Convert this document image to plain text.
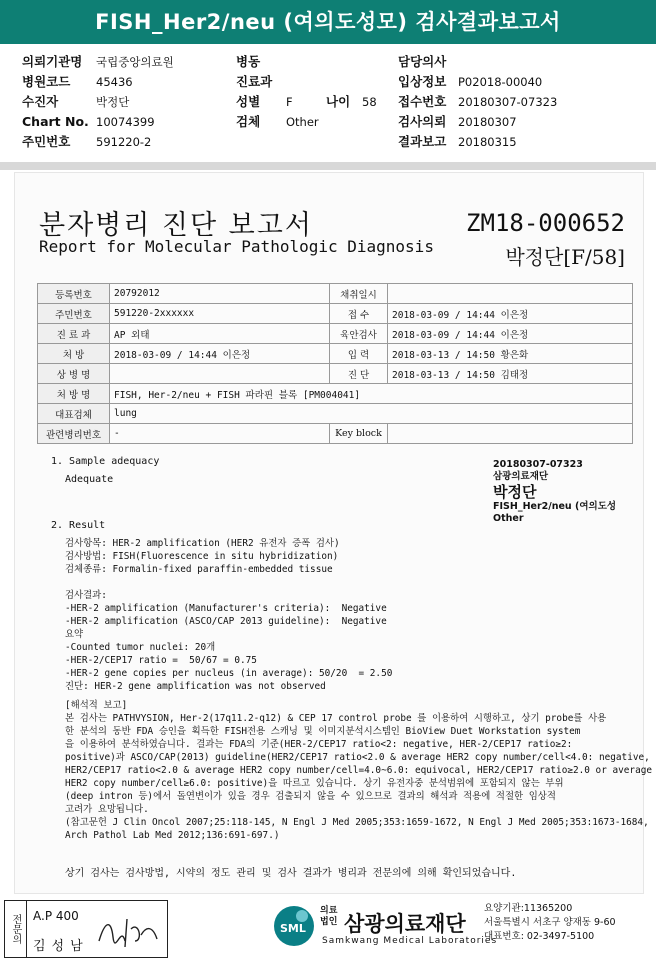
FISH_Her2/neu (여의도성모) 검사결과보고서
의뢰기관명 국립중앙의료원	병동	담당의사
병원코드 45436	진료과	입상정보 P02018-00040
수진자	박정단	성별 F	나이 58 접수번호 20180307-07323
Chart No. 10074399	검체 Other	검사의뢰 20180307
주민번호 591220-2	결과보고 20180315
분자병리 진단 보고서
Report for Molecular Pathologic Diagnosis
ZM18-000652
박정단[F/58]
등록번호	20792012	채취일시	
주민번호	591220-2xxxxxx	접 수	2018-03-09 / 14:44 이은정
진 료 과	AP 외태	육안검사	2018-03-09 / 14:44 이은정
처 방	2018-03-09 / 14:44 이은정	입 력	2018-03-13 / 14:50 황은화
상 병 명		진 단	2018-03-13 / 14:50 김태정
처 방 명	FISH, Her-2/neu + FISH 파라핀 블록 [PM004041]		
대표검체	lung		
관련병리번호	-	Key block	
1. Sample adequacy
Adequate
20180307-07323
삼광의료재단
박정단
FISH_Her2/neu (여의도성
Other
2. Result
검사항목: HER-2 amplification (HER2 유전자 증폭 검사)
검사방법: FISH(Fluorescence in situ hybridization)
검체종류: Formalin-fixed paraffin-embedded tissue
검사결과:
-HER-2 amplification (Manufacturer's criteria):  Negative
-HER-2 amplification (ASCO/CAP 2013 guideline):  Negative
요약
-Counted tumor nuclei: 20개
-HER-2/CEP17 ratio =  50/67 = 0.75
-HER-2 gene copies per nucleus (in average): 50/20  = 2.50
진단: HER-2 gene amplification was not observed
[해석적 보고]
본 검사는 PATHVYSION, Her-2(17q11.2-q12) & CEP 17 control probe 를 이용하여 시행하고, 상기 probe를 사용
한 분석의 동반 FDA 승인을 획득한 FISH전용 스캐닝 및 이미지분석시스템인 BioView Duet Workstation system
을 이용하여 분석하였습니다. 결과는 FDA의 기준(HER-2/CEP17 ratio<2: negative, HER-2/CEP17 ratio≥2:
positive)과 ASCO/CAP(2013) guideline(HER2/CEP17 ratio<2.0 & average HER2 copy number/cell<4.0: negative,
HER2/CEP17 ratio<2.0 & average HER2 copy number/cell=4.0~6.0: equivocal, HER2/CEP17 ratio≥2.0 or average
HER2 copy number/cell≥6.0: positive)을 따르고 있습니다. 상기 유전자중 분석범위에 포함되지 않는 부위
(deep intron 등)에서 돌연변이가 있을 경우 검출되지 않을 수 있으므로 결과의 해석과 적용에 적절한 임상적
고려가 요망됩니다.
(참고문헌 J Clin Oncol 2007;25:118-145, N Engl J Med 2005;353:1659-1672, N Engl J Med 2005;353:1673-1684,
Arch Pathol Lab Med 2012;136:691-697.)
상기 검사는 검사방법, 시약의 정도 관리 및 검사 결과가 병리과 전문의에 의해 확인되었습니다.
전문의	A.P 400
김성남
SML
의료
법인 삼광의료재단
Samkwang Medical Laboratories
요양기관:11365200
서울특별시 서초구 양재동 9-60
대표번호: 02-3497-5100
